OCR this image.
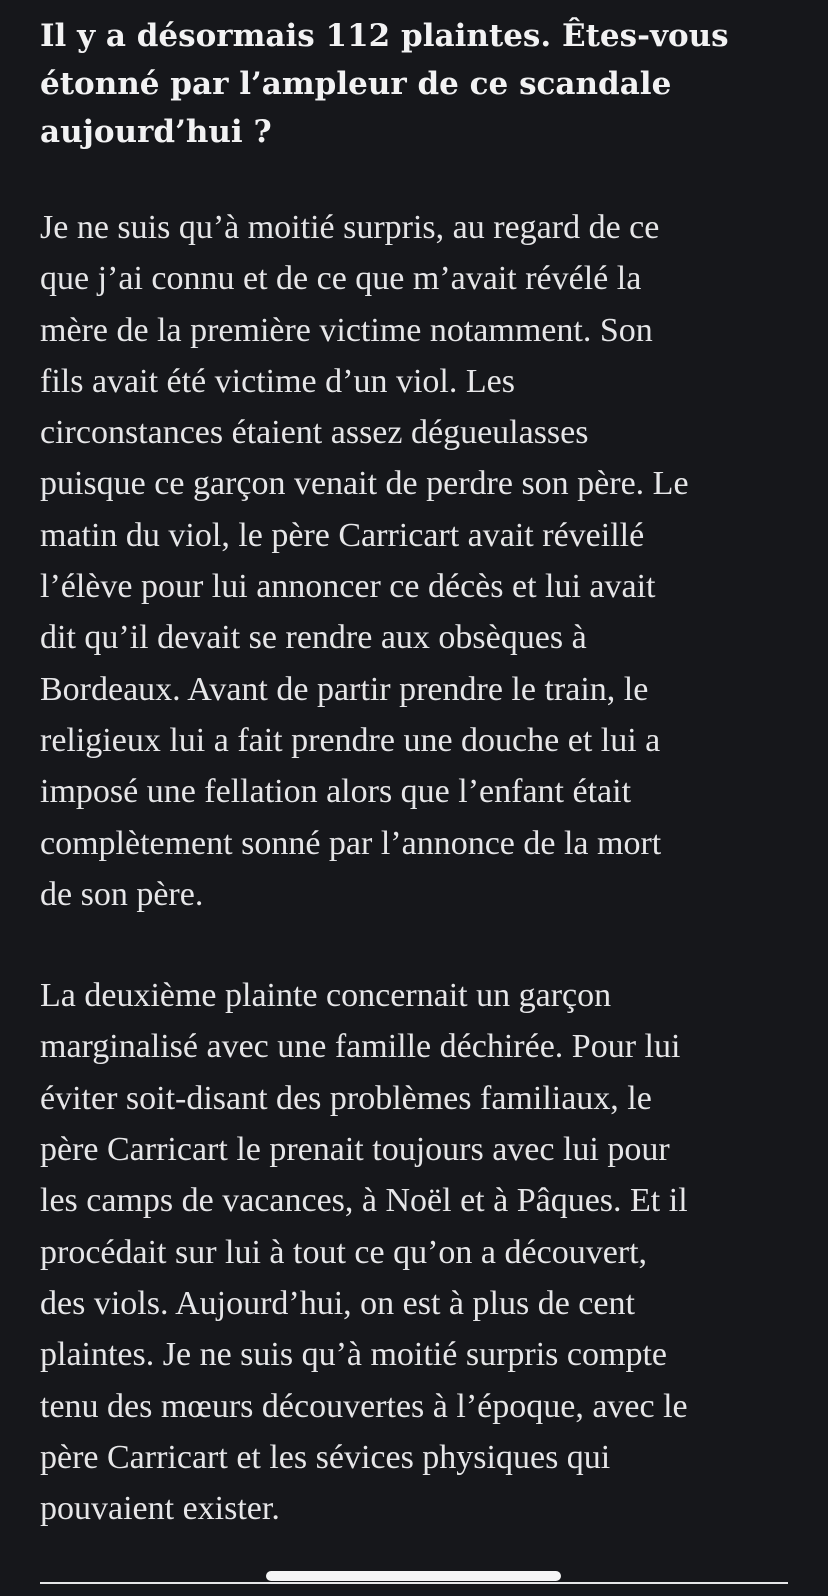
Il y a désormais 112 plaintes. Êtes-vous
étonné par l’ampleur de ce scandale
aujourd’hui ?

Je ne suis qu’à moitié surpris, au regard de ce
que j’ai connu et de ce que m’avait révélé la
mère de la première victime notamment. Son
fils avait été victime d’un viol. Les
circonstances étaient assez dégueulasses
puisque ce garçon venait de perdre son père. Le
matin du viol, le père Carricart avait réveillé
l’élève pour lui annoncer ce décès et lui avait
dit qu’il devait se rendre aux obsèques à
Bordeaux. Avant de partir prendre le train, le
religieux lui a fait prendre une douche et lui a
imposé une fellation alors que l’enfant était
complètement sonné par l’annonce de la mort
de son père.

La deuxième plainte concernait un garçon
marginalisé avec une famille déchirée. Pour lui
éviter soit-disant des problèmes familiaux, le
père Carricart le prenait toujours avec lui pour
les camps de vacances, à Noël et à Pâques. Et il
procédait sur lui à tout ce qu’on a découvert,
des viols. Aujourd’hui, on est à plus de cent
plaintes. Je ne suis qu’à moitié surpris compte
tenu des mœurs découvertes à l’époque, avec le
père Carricart et les sévices physiques qui
pouvaient exister.
